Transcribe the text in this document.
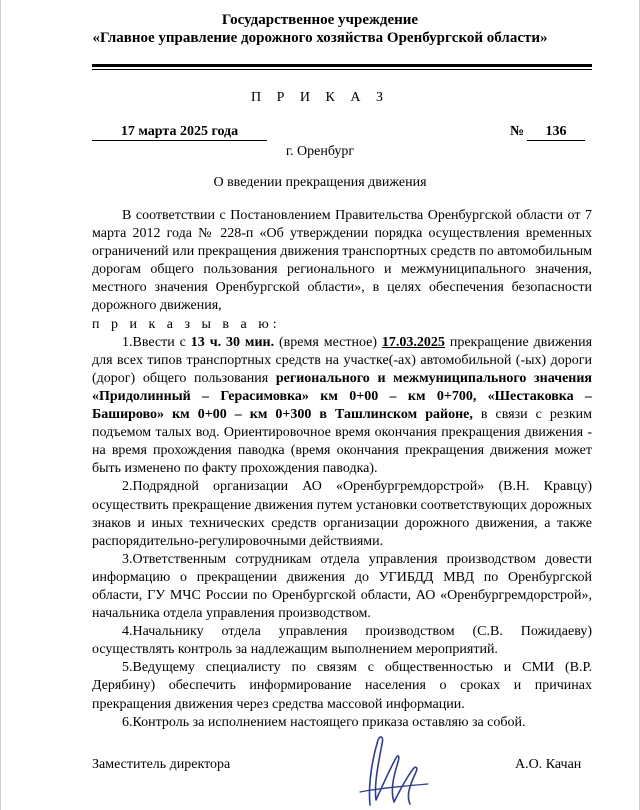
Государственное учреждение
«Главное управление дорожного хозяйства Оренбургской области»
П Р И К А З
17 марта 2025 года	№	136
г. Оренбург
О введении прекращения движения

В соответствии с Постановлением Правительства Оренбургской области от 7 марта 2012 года № 228-п «Об утверждении порядка осуществления временных ограничений или прекращения движения транспортных средств по автомобильным дорогам общего пользования регионального и межмуниципального значения, местного значения Оренбургской области», в целях обеспечения безопасности дорожного движения,

п р и к а з ы в а ю:

1.Ввести с 13 ч. 30 мин. (время местное) 17.03.2025 прекращение движения для всех типов транспортных средств на участке(-ах) автомобильной (-ых) дороги (дорог) общего пользования регионального и межмуниципального значения «Придолинный – Герасимовка» км 0+00 – км 0+700, «Шестаковка – Баширово» км 0+00 – км 0+300 в Ташлинском районе, в связи с резким подъемом талых вод. Ориентировочное время окончания прекращения движения - на время прохождения паводка (время окончания прекращения движения может быть изменено по факту прохождения паводка).

2.Подрядной организации АО «Оренбургремдорстрой» (В.Н. Кравцу) осуществить прекращение движения путем установки соответствующих дорожных знаков и иных технических средств организации дорожного движения, а также распорядительно-регулировочными действиями.

3.Ответственным сотрудникам отдела управления производством довести информацию о прекращении движения до УГИБДД МВД по Оренбургской области, ГУ МЧС России по Оренбургской области, АО «Оренбургремдорстрой», начальника отдела управления производством.

4.Начальнику отдела управления производством (С.В. Пожидаеву) осуществлять контроль за надлежащим выполнением мероприятий.

5.Ведущему специалисту по связям с общественностью и СМИ (В.Р. Дерябину) обеспечить информирование населения о сроках и причинах прекращения движения через средства массовой информации.

6.Контроль за исполнением настоящего приказа оставляю за собой.

Заместитель директора	А.О. Качан
